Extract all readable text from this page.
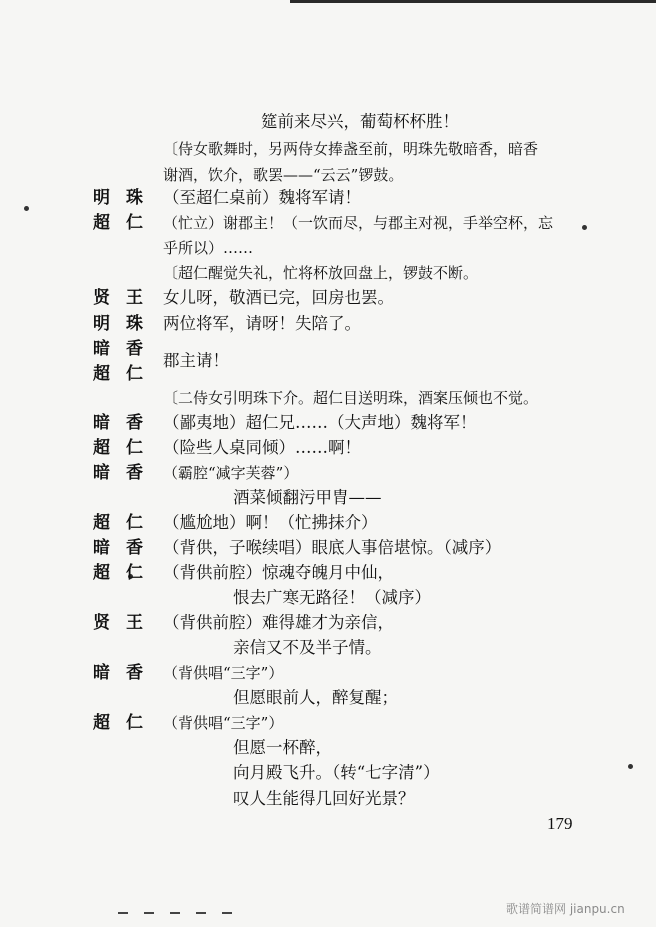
筵前来尽兴，葡萄杯杯胜！
〔侍女歌舞时，另两侍女捧盏至前，明珠先敬暗香，暗香
谢酒，饮介，歌罢——“云云”锣鼓。
明珠 （至超仁桌前）魏将军请！
超仁 （忙立）谢郡主！（一饮而尽，与郡主对视，手举空杯，忘
乎所以）……
〔超仁醒觉失礼，忙将杯放回盘上，锣鼓不断。
贤王 女儿呀，敬酒已完，回房也罢。
明珠 两位将军，请呀！失陪了。
暗香
郡主请！
超仁
〔二侍女引明珠下介。超仁目送明珠，酒案压倾也不觉。
暗香 （鄙夷地）超仁兄……（大声地）魏将军！
超仁 （险些人桌同倾）……啊！
暗香 （霸腔“减字芙蓉”）
酒菜倾翻污甲胄——
超仁 （尴尬地）啊！（忙拂抹介）
暗香 （背供，子喉续唱）眼底人事倍堪惊。（减序）
超仁 （背供前腔）惊魂夺魄月中仙，
恨去广寒无路径！（减序）
贤王 （背供前腔）难得雄才为亲信，
亲信又不及半子情。
暗香 （背供唱“三字”）
但愿眼前人，醉复醒；
超仁 （背供唱“三字”）
但愿一杯醉，
向月殿飞升。（转“七字清”）
叹人生能得几回好光景？
179
歌谱简谱网 jianpu.cn
